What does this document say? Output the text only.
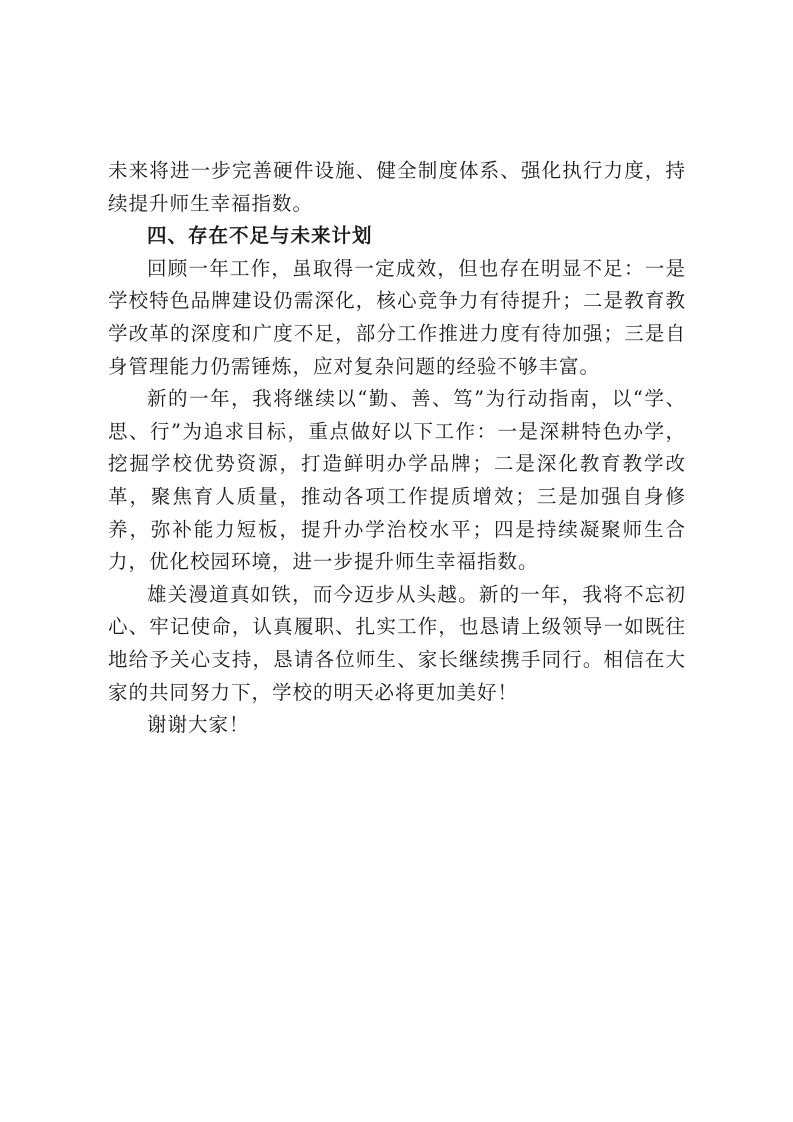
未来将进一步完善硬件设施、健全制度体系、强化执行力度，持续提升师生幸福指数。

四、存在不足与未来计划

回顾一年工作，虽取得一定成效，但也存在明显不足：一是学校特色品牌建设仍需深化，核心竞争力有待提升；二是教育教学改革的深度和广度不足，部分工作推进力度有待加强；三是自身管理能力仍需锤炼，应对复杂问题的经验不够丰富。

新的一年，我将继续以“勤、善、笃”为行动指南，以“学、思、行”为追求目标，重点做好以下工作：一是深耕特色办学，挖掘学校优势资源，打造鲜明办学品牌；二是深化教育教学改革，聚焦育人质量，推动各项工作提质增效；三是加强自身修养，弥补能力短板，提升办学治校水平；四是持续凝聚师生合力，优化校园环境，进一步提升师生幸福指数。

雄关漫道真如铁，而今迈步从头越。新的一年，我将不忘初心、牢记使命，认真履职、扎实工作，也恳请上级领导一如既往地给予关心支持，恳请各位师生、家长继续携手同行。相信在大家的共同努力下，学校的明天必将更加美好！

谢谢大家！
